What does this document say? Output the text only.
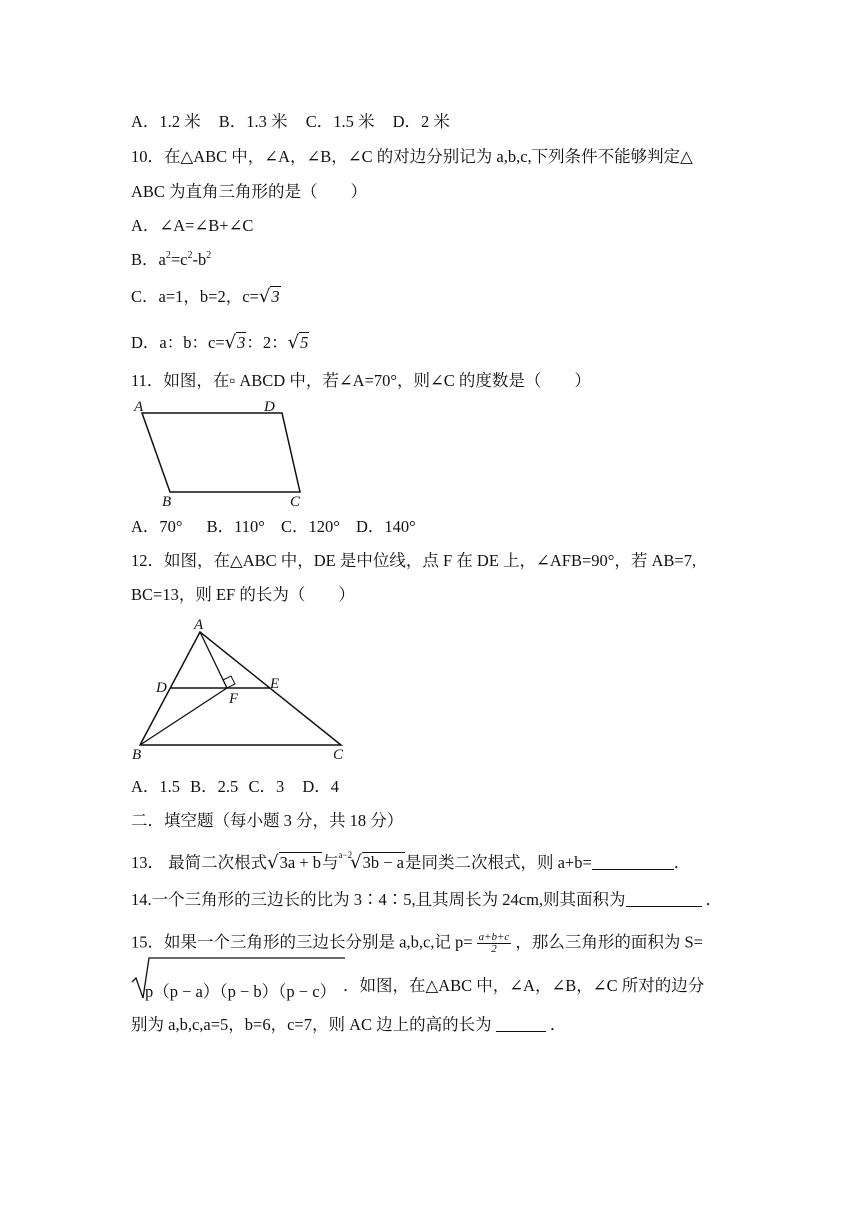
A．1.2 米 B．1.3 米 C．1.5 米 D．2 米
10．在△ABC 中，∠A，∠B，∠C 的对边分别记为 a,b,c,下列条件不能够判定△
ABC 为直角三角形的是（　　）
A．∠A=∠B+∠C
B．$a^2=c^2-b^2$
C．a=1，b=2，c=√3
D．a：b：c=√3：2：√5
11．如图，在▫ ABCD 中，若∠A=70°，则∠C 的度数是（　　）
A	D
B	C
A．70° B．110° C．120° D．140°
12．如图，在△ABC 中，DE 是中位线，点 F 在 DE 上，∠AFB=90°，若 AB=7,
BC=13，则 EF 的长为（　　）
A
D	E
F
B	C
A．1.5 B．2.5 C．3 D．4
二．填空题（每小题 3 分，共 18 分）
13． 最简二次根式√3a + b与$^{a-2}$√3b − a是同类二次根式，则 a+b=	．
14.一个三角形的三边长的比为 3∶4∶5,且其周长为 24cm,则其面积为	．
15．如果一个三角形的三边长分别是 a,b,c,记 $p= \frac{a+b+c}{2}$ ，那么三角形的面积为 S=
p（p − a）（p − b）（p − c） ．如图，在△ABC 中，∠A，∠B，∠C 所对的边分
别为 a,b,c,a=5，b=6，c=7，则 AC 边上的高的长为	．
